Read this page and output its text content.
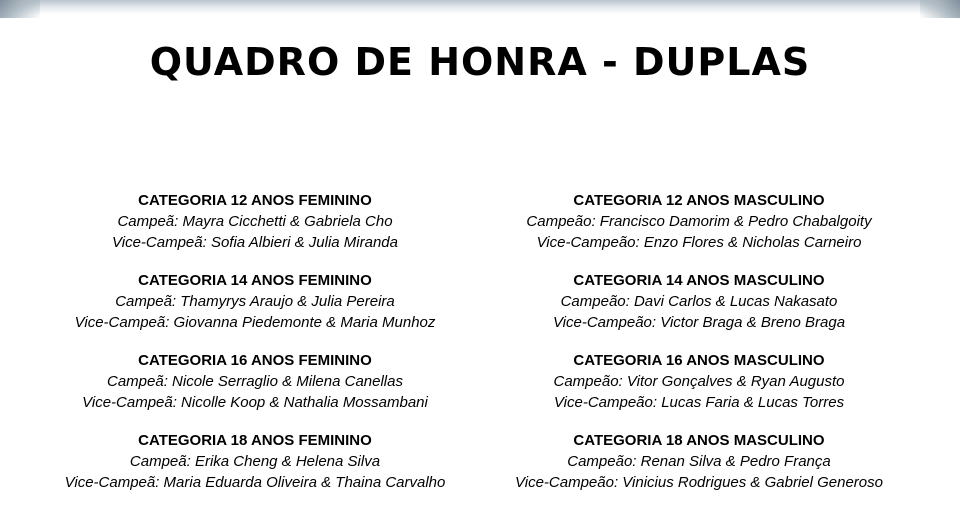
QUADRO DE HONRA - DUPLAS
CATEGORIA 12 ANOS FEMININO
Campeã: Mayra Cicchetti & Gabriela Cho
Vice-Campeã: Sofia Albieri & Julia Miranda
CATEGORIA 14 ANOS FEMININO
Campeã: Thamyrys Araujo & Julia Pereira
Vice-Campeã: Giovanna Piedemonte & Maria Munhoz
CATEGORIA 16 ANOS FEMININO
Campeã: Nicole Serraglio & Milena Canellas
Vice-Campeã: Nicolle Koop & Nathalia Mossambani
CATEGORIA 18 ANOS FEMININO
Campeã: Erika Cheng & Helena Silva
Vice-Campeã: Maria Eduarda Oliveira & Thaina Carvalho
CATEGORIA 12 ANOS MASCULINO
Campeão: Francisco Damorim & Pedro Chabalgoity
Vice-Campeão: Enzo Flores & Nicholas Carneiro
CATEGORIA 14 ANOS MASCULINO
Campeão: Davi Carlos & Lucas Nakasato
Vice-Campeão: Victor Braga & Breno Braga
CATEGORIA 16 ANOS MASCULINO
Campeão: Vitor Gonçalves & Ryan Augusto
Vice-Campeão: Lucas Faria & Lucas Torres
CATEGORIA 18 ANOS MASCULINO
Campeão: Renan Silva & Pedro França
Vice-Campeão: Vinicius Rodrigues & Gabriel Generoso
